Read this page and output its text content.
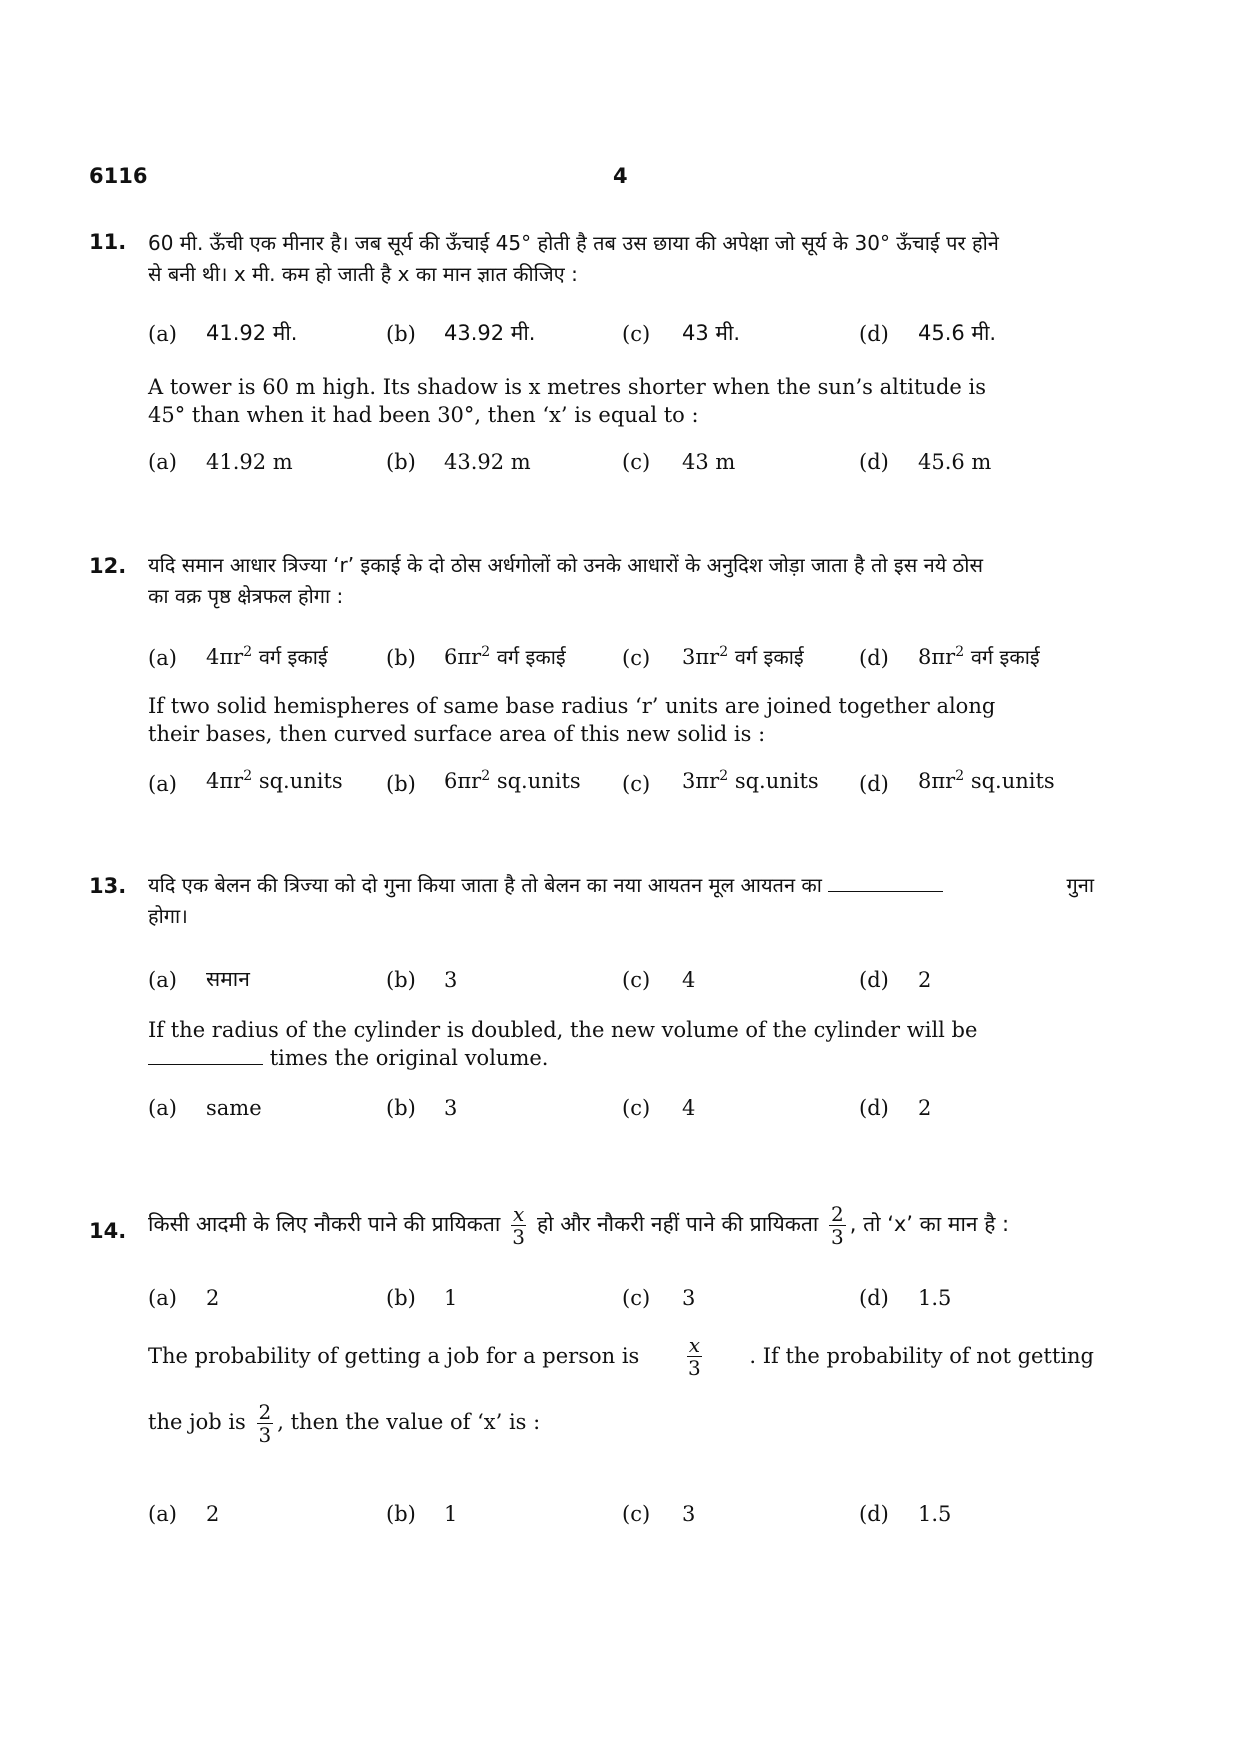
6116	4
11. 60 मी. ऊँची एक मीनार है। जब सूर्य की ऊँचाई 45° होती है तब उस छाया की अपेक्षा जो सूर्य के 30° ऊँचाई पर होने
से बनी थी। x मी. कम हो जाती है x का मान ज्ञात कीजिए :
(a) 41.92 मी.	(b) 43.92 मी.	(c) 43 मी.	(d) 45.6 मी.
A tower is 60 m high. Its shadow is x metres shorter when the sun’s altitude is
45° than when it had been 30°, then ‘x’ is equal to :
(a) 41.92 m	(b) 43.92 m	(c) 43 m	(d) 45.6 m
12. यदि समान आधार त्रिज्या ‘r’ इकाई के दो ठोस अर्धगोलों को उनके आधारों के अनुदिश जोड़ा जाता है तो इस नये ठोस
का वक्र पृष्ठ क्षेत्रफल होगा :
(a) $4\pi r^2$ वर्ग इकाई	(b) $6\pi r^2$ वर्ग इकाई	(c) $3\pi r^2$ वर्ग इकाई	(d) $8\pi r^2$ वर्ग इकाई
If two solid hemispheres of same base radius ‘r’ units are joined together along
their bases, then curved surface area of this new solid is :
(a) $4\pi r^2$ sq.units (b) $6\pi r^2$ sq.units (c) $3\pi r^2$ sq.units (d) $8\pi r^2$ sq.units
13. यदि एक बेलन की त्रिज्या को दो गुना किया जाता है तो बेलन का नया आयतन मूल आयतन का	गुना
होगा।
(a) समान	(b) 3	(c) 4	(d) 2
If the radius of the cylinder is doubled, the new volume of the cylinder will be
times the original volume.
(a) same	(b) 3	(c) 4	(d) 2
14. किसी आदमी के लिए नौकरी पाने की प्रायिकता $\frac{x}{3}$ हो और नौकरी नहीं पाने की प्रायिकता $\frac{2}{3}$ , तो ‘x’ का मान है :
(a) 2	(b) 1	(c) 3	(d) 1.5
The probability of getting a job for a person is $\frac{x}{3}$ . If the probability of not getting
the job is $\frac{2}{3}$ , then the value of ‘x’ is :
(a) 2	(b) 1	(c) 3	(d) 1.5
